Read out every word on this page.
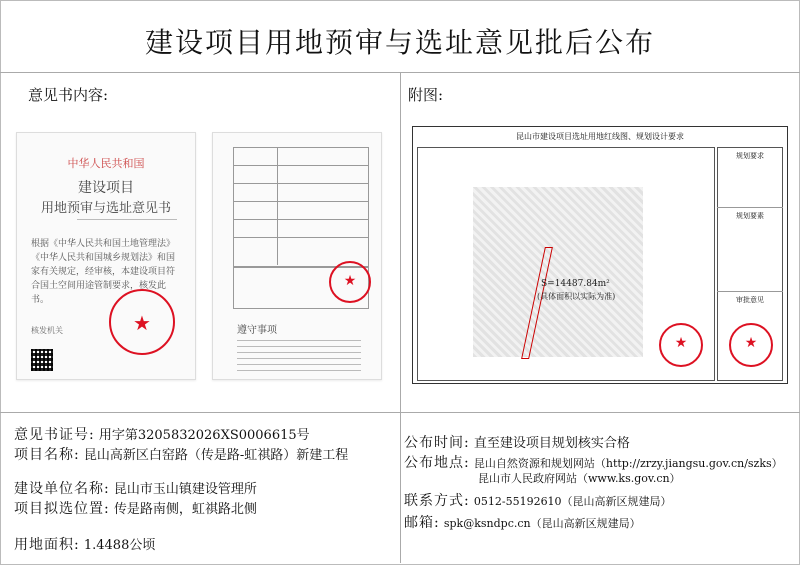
建设项目用地预审与选址意见批后公布
意见书内容:	附图:
中华人民共和国
建设项目
用地预审与选址意见书
根据《中华人民共和国土地管理法》《中华人民共和国城乡规划法》和国家有关规定，经审核，本建设项目符合国土空间用途管制要求，核发此书。
★
核发机关	遵守事项
★
昆山市建设项目选址用地红线图、规划设计要求
S=14487.84m²
(具体面积以实际为准)
规划要求
规划要素
审批意见
★	★
意见书证号: 用字第3205832026XS0006615号
项目名称: 昆山高新区白窑路（传是路-虹祺路）新建工程
建设单位名称: 昆山市玉山镇建设管理所
项目拟选位置: 传是路南侧，虹祺路北侧
用地面积: 1.4488公顷
公布时间: 直至建设项目规划核实合格
公布地点: 昆山自然资源和规划网站（http://zrzy.jiangsu.gov.cn/szks）
昆山市人民政府网站（www.ks.gov.cn）
联系方式: 0512-55192610（昆山高新区规建局）
邮箱: spk@ksndpc.cn（昆山高新区规建局）
